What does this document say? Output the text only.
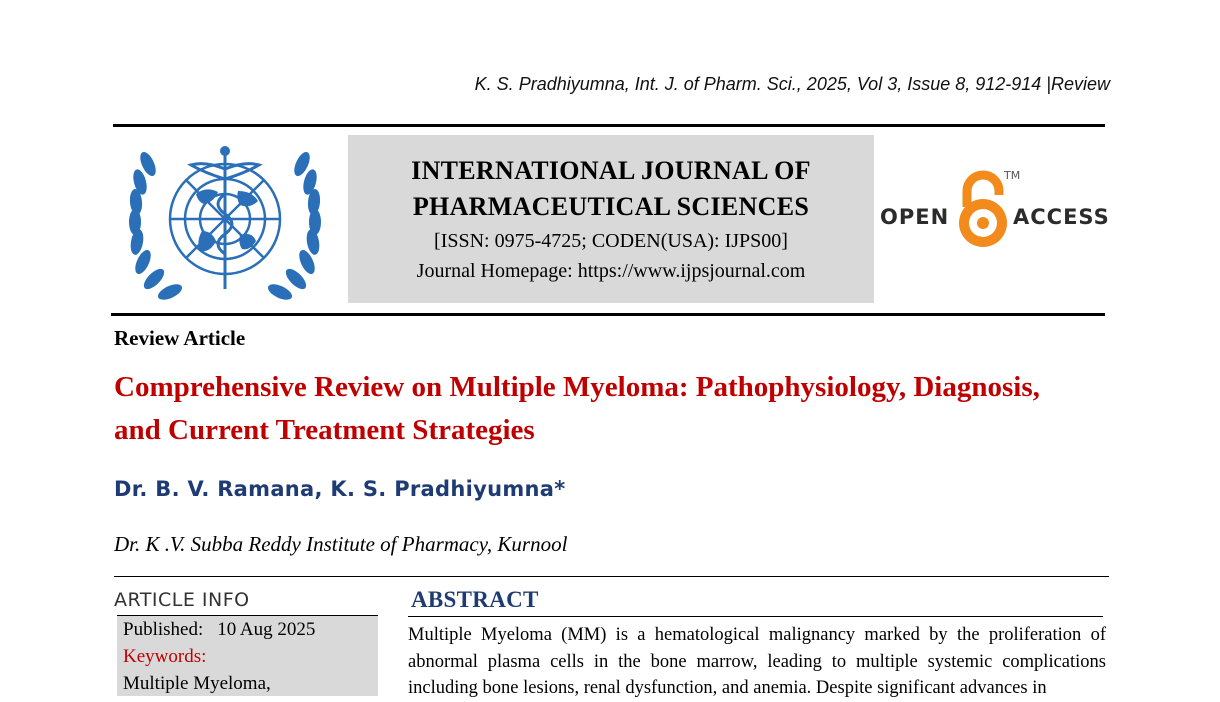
K. S. Pradhiyumna, Int. J. of Pharm. Sci., 2025, Vol 3, Issue 8, 912-914 |Review
INTERNATIONAL JOURNAL OF
PHARMACEUTICAL SCIENCES
[ISSN: 0975-4725; CODEN(USA): IJPS00]
Journal Homepage: https://www.ijpsjournal.com
OPEN
TM
ACCESS
Review Article
Comprehensive Review on Multiple Myeloma: Pathophysiology, Diagnosis, and Current Treatment Strategies
Dr. B. V. Ramana, K. S. Pradhiyumna*
Dr. K .V. Subba Reddy Institute of Pharmacy, Kurnool
ARTICLE INFO
Published: 10 Aug 2025
Keywords:
Multiple Myeloma,
ABSTRACT
Multiple Myeloma (MM) is a hematological malignancy marked by the proliferation of abnormal plasma cells in the bone marrow, leading to multiple systemic complications including bone lesions, renal dysfunction, and anemia. Despite significant advances in
